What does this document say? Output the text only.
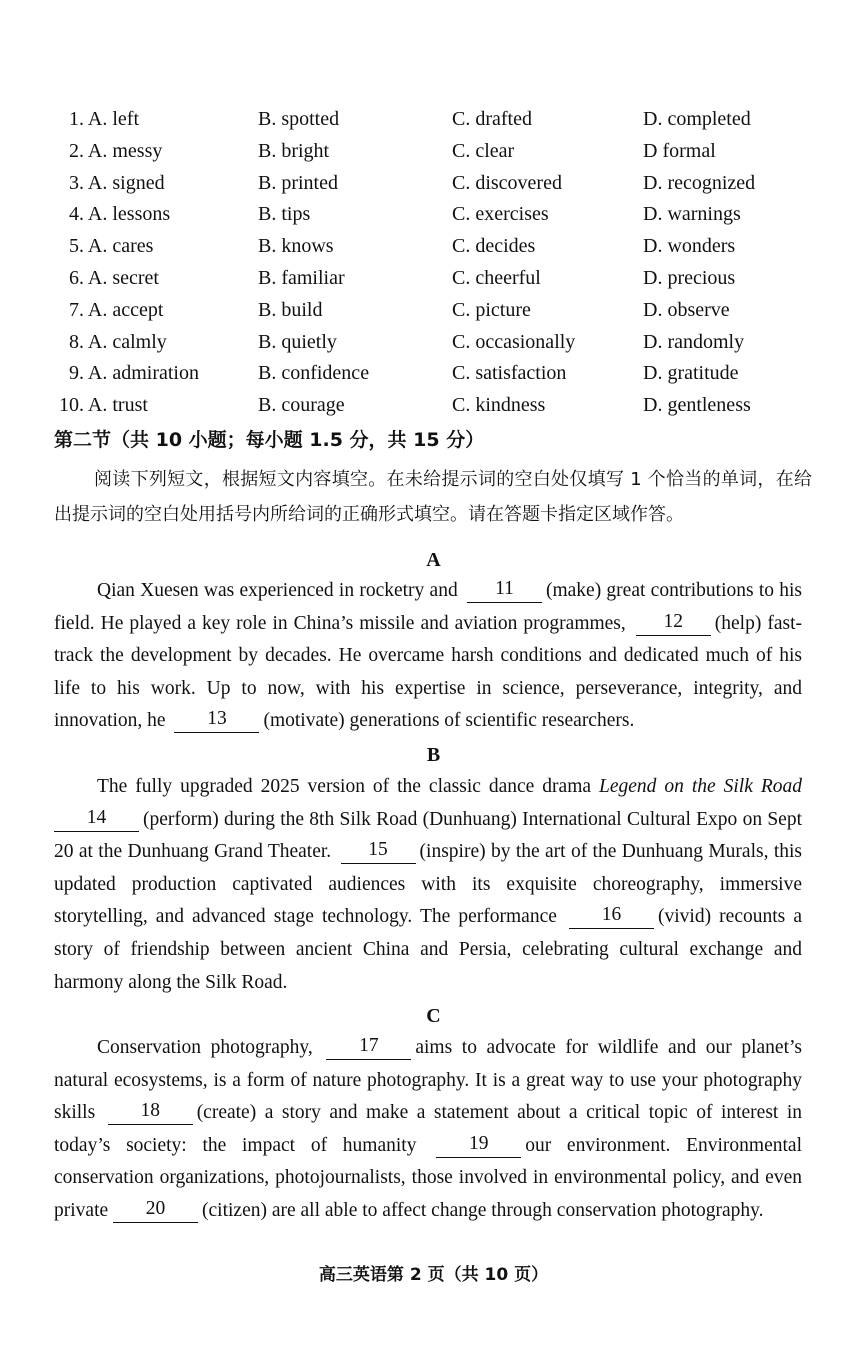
1. A. left	B. spotted	C. drafted	D. completed
2. A. messy	B. bright	C. clear	D formal
3. A. signed	B. printed	C. discovered	D. recognized
4. A. lessons	B. tips	C. exercises	D. warnings
5. A. cares	B. knows	C. decides	D. wonders
6. A. secret	B. familiar	C. cheerful	D. precious
7. A. accept	B. build	C. picture	D. observe
8. A. calmly	B. quietly	C. occasionally	D. randomly
9. A. admiration	B. confidence	C. satisfaction	D. gratitude
10. A. trust	B. courage	C. kindness	D. gentleness
第二节（共 10 小题；每小题 1.5 分，共 15 分）
阅读下列短文，根据短文内容填空。在未给提示词的空白处仅填写 1 个恰当的单词，在给出提示词的空白处用括号内所给词的正确形式填空。请在答题卡指定区域作答。
A
Qian Xuesen was experienced in rocketry and 11 (make) great contributions to his field. He played a key role in China’s missile and aviation programmes, 12 (help) fast-track the development by decades. He overcame harsh conditions and dedicated much of his life to his work. Up to now, with his expertise in science, perseverance, integrity, and innovation, he 13 (motivate) generations of scientific researchers.
B
The fully upgraded 2025 version of the classic dance drama Legend on the Silk Road 14 (perform) during the 8th Silk Road (Dunhuang) International Cultural Expo on Sept 20 at the Dunhuang Grand Theater. 15 (inspire) by the art of the Dunhuang Murals, this updated production captivated audiences with its exquisite choreography, immersive storytelling, and advanced stage technology. The performance 16 (vivid) recounts a story of friendship between ancient China and Persia, celebrating cultural exchange and harmony along the Silk Road.
C
Conservation photography, 17 aims to advocate for wildlife and our planet’s natural ecosystems, is a form of nature photography. It is a great way to use your photography skills 18 (create) a story and make a statement about a critical topic of interest in today’s society: the impact of humanity 19 our environment. Environmental conservation organizations, photojournalists, those involved in environmental policy, and even private 20 (citizen) are all able to affect change through conservation photography.
高三英语第 2 页（共 10 页）
